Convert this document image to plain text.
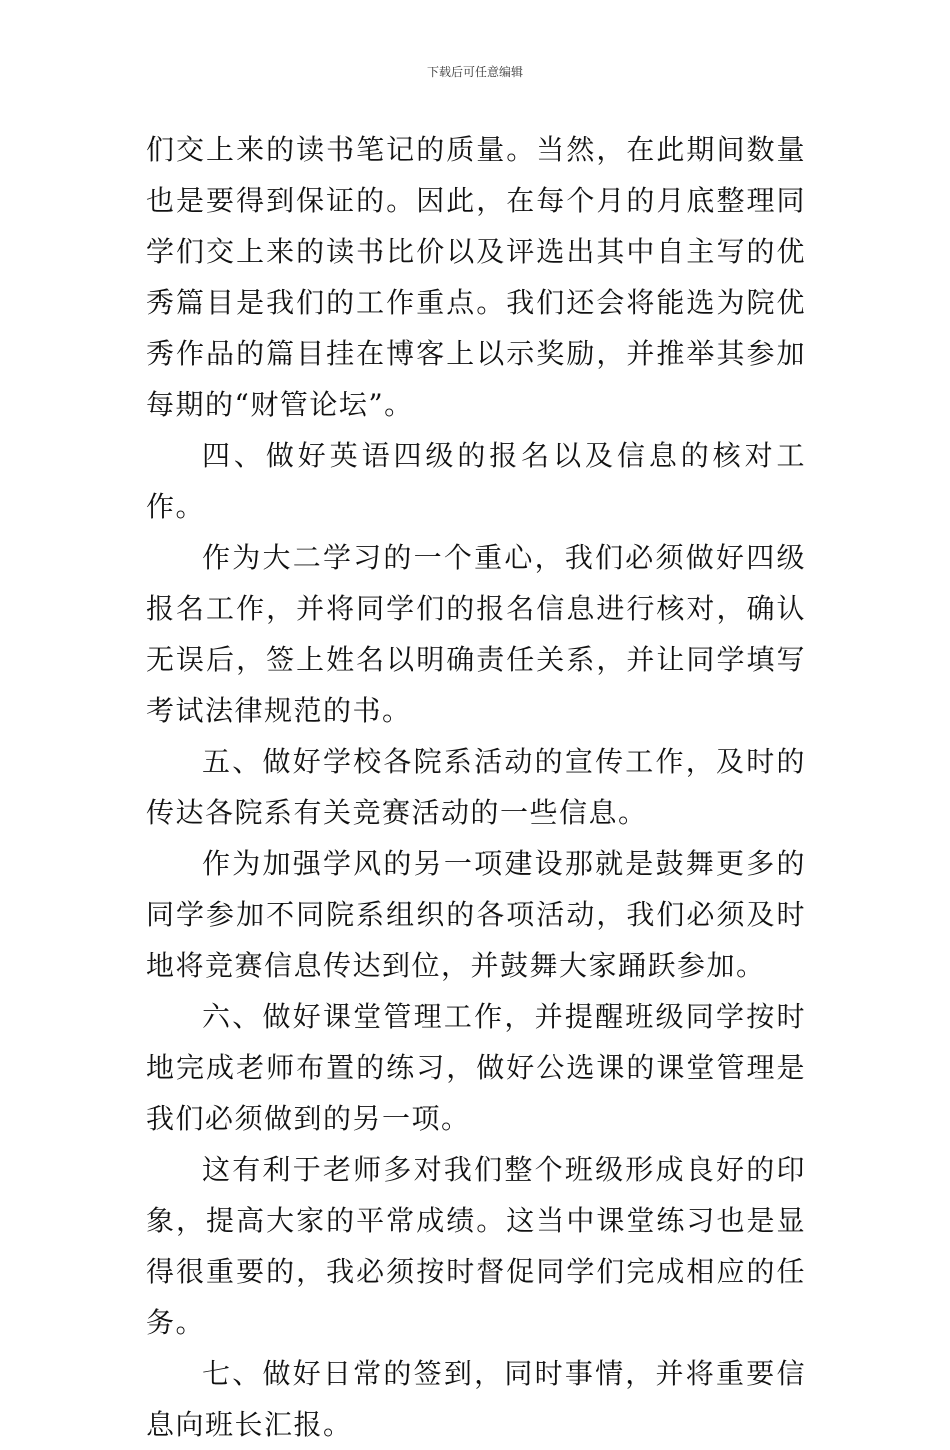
下载后可任意编辑

们交上来的读书笔记的质量。当然，在此期间数量也是要得到保证的。因此，在每个月的月底整理同学们交上来的读书比价以及评选出其中自主写的优秀篇目是我们的工作重点。我们还会将能选为院优秀作品的篇目挂在博客上以示奖励，并推举其参加每期的“财管论坛”。

四、做好英语四级的报名以及信息的核对工作。

作为大二学习的一个重心，我们必须做好四级报名工作，并将同学们的报名信息进行核对，确认无误后，签上姓名以明确责任关系，并让同学填写考试法律规范的书。

五、做好学校各院系活动的宣传工作，及时的传达各院系有关竞赛活动的一些信息。

作为加强学风的另一项建设那就是鼓舞更多的同学参加不同院系组织的各项活动，我们必须及时地将竞赛信息传达到位，并鼓舞大家踊跃参加。

六、做好课堂管理工作，并提醒班级同学按时地完成老师布置的练习，做好公选课的课堂管理是我们必须做到的另一项。

这有利于老师多对我们整个班级形成良好的印象，提高大家的平常成绩。这当中课堂练习也是显得很重要的，我必须按时督促同学们完成相应的任务。

七、做好日常的签到，同时事情，并将重要信息向班长汇报。
